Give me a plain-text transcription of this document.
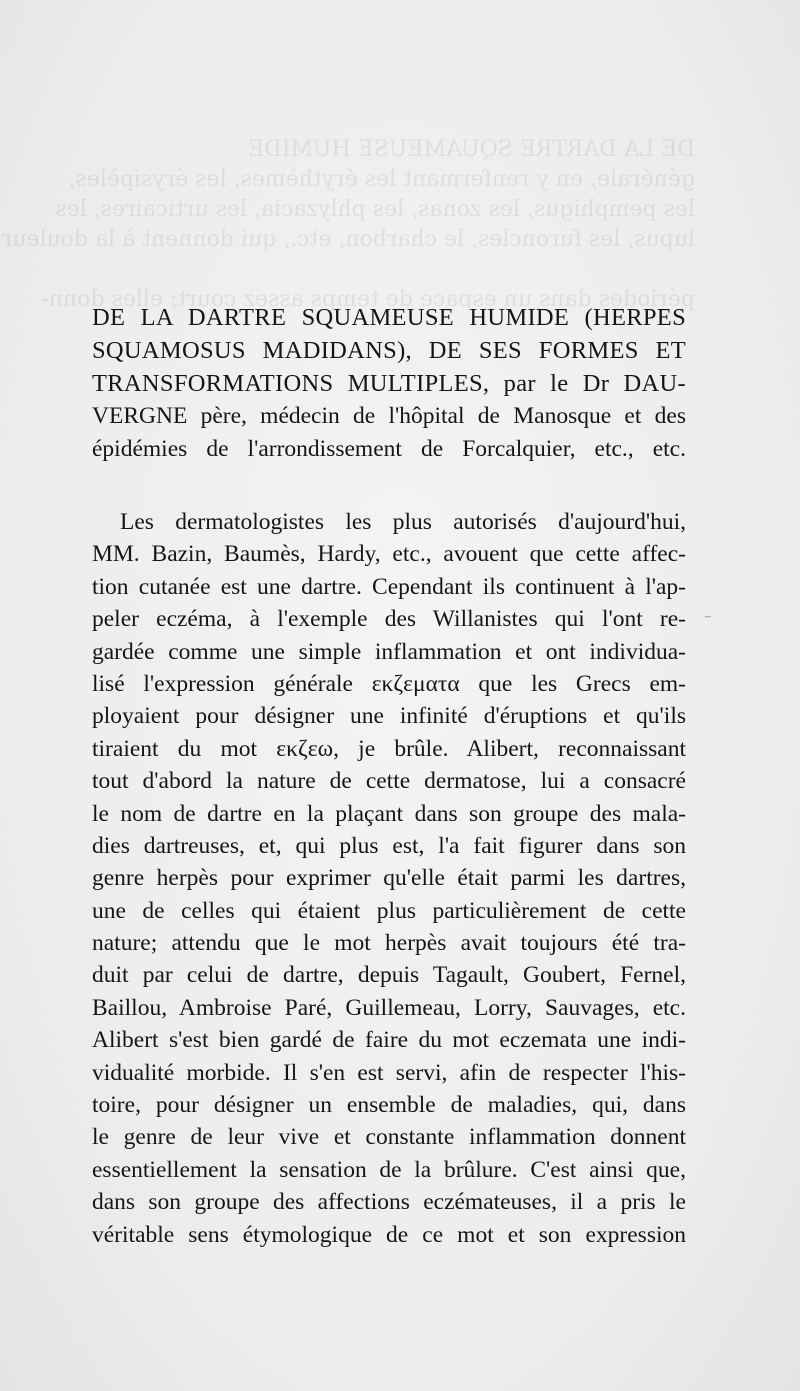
DE LA DARTRE SQUAMEUSE HUMIDE
générale, en y renfermant les érythèmes, les érysipèles,
les pemphigus, les zonas, les phlyzacia, les urticaires, les
lupus, les furoncles, le charbon, etc., qui donnent à la douleur

périodes dans un espace de temps assez court; elles donn-
DE LA DARTRE SQUAMEUSE HUMIDE (HERPES
SQUAMOSUS MADIDANS), DE SES FORMES ET
TRANSFORMATIONS MULTIPLES, par le Dr DAU-
VERGNE père, médecin de l'hôpital de Manosque et des
épidémies de l'arrondissement de Forcalquier, etc., etc.
Les dermatologistes les plus autorisés d'aujourd'hui,
MM. Bazin, Baumès, Hardy, etc., avouent que cette affec-
tion cutanée est une dartre. Cependant ils continuent à l'ap-
peler eczéma, à l'exemple des Willanistes qui l'ont re-
gardée comme une simple inflammation et ont individua-
lisé l'expression générale εκζεματα que les Grecs em-
ployaient pour désigner une infinité d'éruptions et qu'ils
tiraient du mot εκζεω, je brûle. Alibert, reconnaissant
tout d'abord la nature de cette dermatose, lui a consacré
le nom de dartre en la plaçant dans son groupe des mala-
dies dartreuses, et, qui plus est, l'a fait figurer dans son
genre herpès pour exprimer qu'elle était parmi les dartres,
une de celles qui étaient plus particulièrement de cette
nature; attendu que le mot herpès avait toujours été tra-
duit par celui de dartre, depuis Tagault, Goubert, Fernel,
Baillou, Ambroise Paré, Guillemeau, Lorry, Sauvages, etc.
Alibert s'est bien gardé de faire du mot eczemata une indi-
vidualité morbide. Il s'en est servi, afin de respecter l'his-
toire, pour désigner un ensemble de maladies, qui, dans
le genre de leur vive et constante inflammation donnent
essentiellement la sensation de la brûlure. C'est ainsi que,
dans son groupe des affections eczémateuses, il a pris le
véritable sens étymologique de ce mot et son expression
~
